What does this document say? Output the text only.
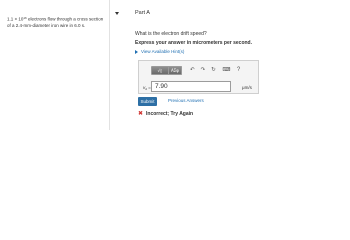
$1.1 \times 10^{16}$ electrons flow through a cross section of a 2.4-mm-diameter iron wire in 6.0 s.
Part A
What is the electron drift speed?
Express your answer in micrometers per second.
View Available Hint(s)
√▯	ΑΣφ	↶ ↷ ↻ ⌨ ?
$v_d$ =
7.90	μm/s
Submit	Previous Answers
✖ Incorrect; Try Again
